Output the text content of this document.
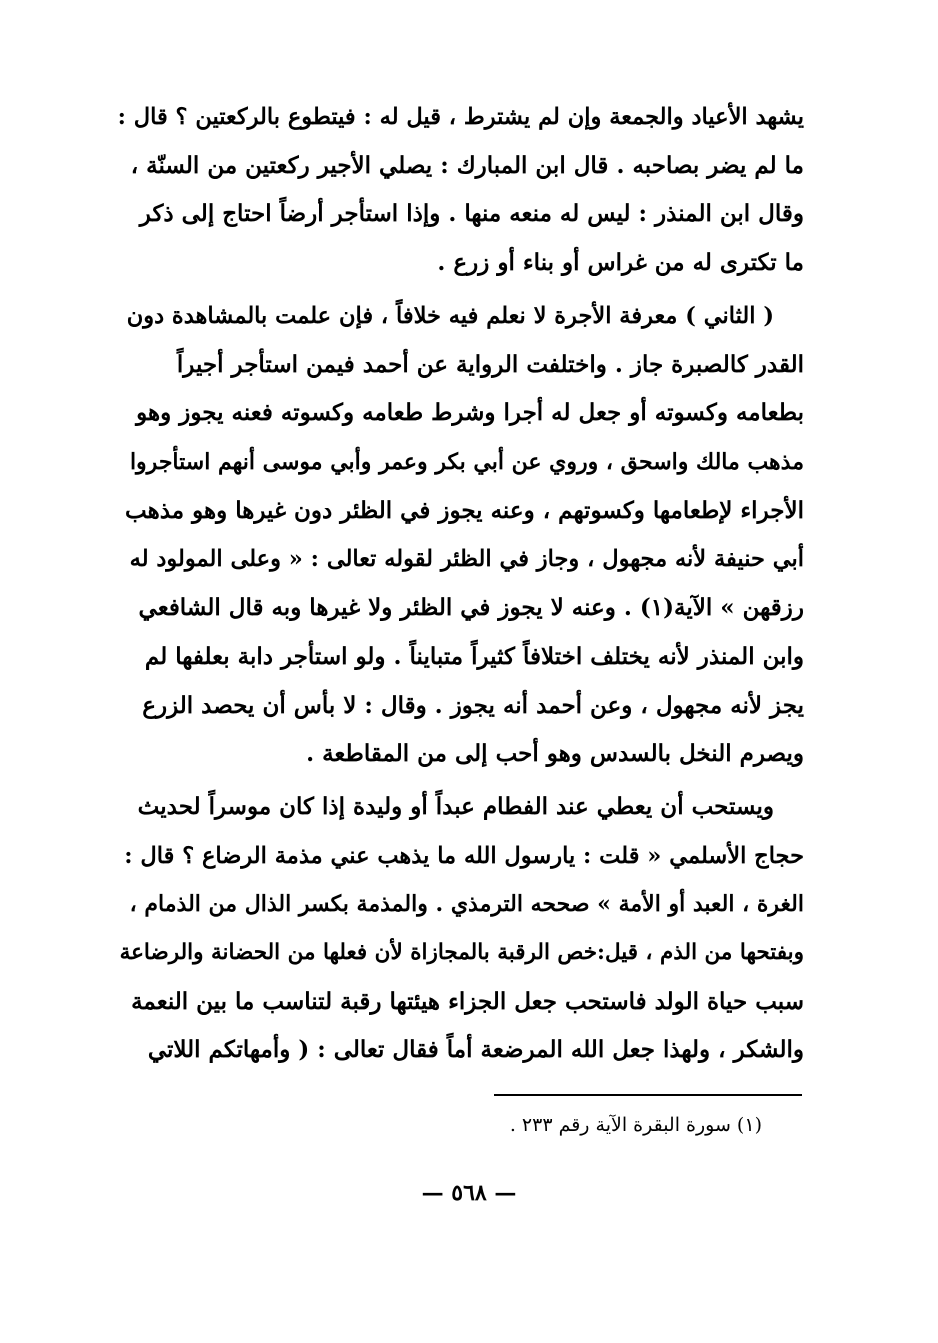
يشهد الأعياد والجمعة وإن لم يشترط ، قيل له : فيتطوع بالركعتين ؟ قال :
ما لم يضر بصاحبه . قال ابن المبارك : يصلي الأجير ركعتين من السنّة ،
وقال ابن المنذر : ليس له منعه منها . وإذا استأجر أرضاً احتاج إلى ذكر
ما تكترى له من غراس أو بناء أو زرع .
( الثاني ) معرفة الأجرة لا نعلم فيه خلافاً ، فإن علمت بالمشاهدة دون
القدر كالصبرة جاز . واختلفت الرواية عن أحمد فيمن استأجر أجيراً
بطعامه وكسوته أو جعل له أجرا وشرط طعامه وكسوته فعنه يجوز وهو
مذهب مالك واسحق ، وروي عن أبي بكر وعمر وأبي موسى أنهم استأجروا
الأجراء لإطعامها وكسوتهم ، وعنه يجوز في الظئر دون غيرها وهو مذهب
أبي حنيفة لأنه مجهول ، وجاز في الظئر لقوله تعالى : « وعلى المولود له
رزقهن » الآية(١) . وعنه لا يجوز في الظئر ولا غيرها وبه قال الشافعي
وابن المنذر لأنه يختلف اختلافاً كثيراً متبايناً . ولو استأجر دابة بعلفها لم
يجز لأنه مجهول ، وعن أحمد أنه يجوز . وقال : لا بأس أن يحصد الزرع
ويصرم النخل بالسدس وهو أحب إلى من المقاطعة .
ويستحب أن يعطي عند الفطام عبداً أو وليدة إذا كان موسراً لحديث
حجاج الأسلمي « قلت : يارسول الله ما يذهب عني مذمة الرضاع ؟ قال :
الغرة ، العبد أو الأمة » صححه الترمذي . والمذمة بكسر الذال من الذمام ،
وبفتحها من الذم ، قيل:خص الرقبة بالمجازاة لأن فعلها من الحضانة والرضاعة
سبب حياة الولد فاستحب جعل الجزاء هيئتها رقبة لتناسب ما بين النعمة
والشكر ، ولهذا جعل الله المرضعة أماً فقال تعالى : ( وأمهاتكم اللاتي
(١) سورة البقرة الآية رقم ٢٣٣ .
— ٥٦٨ —
